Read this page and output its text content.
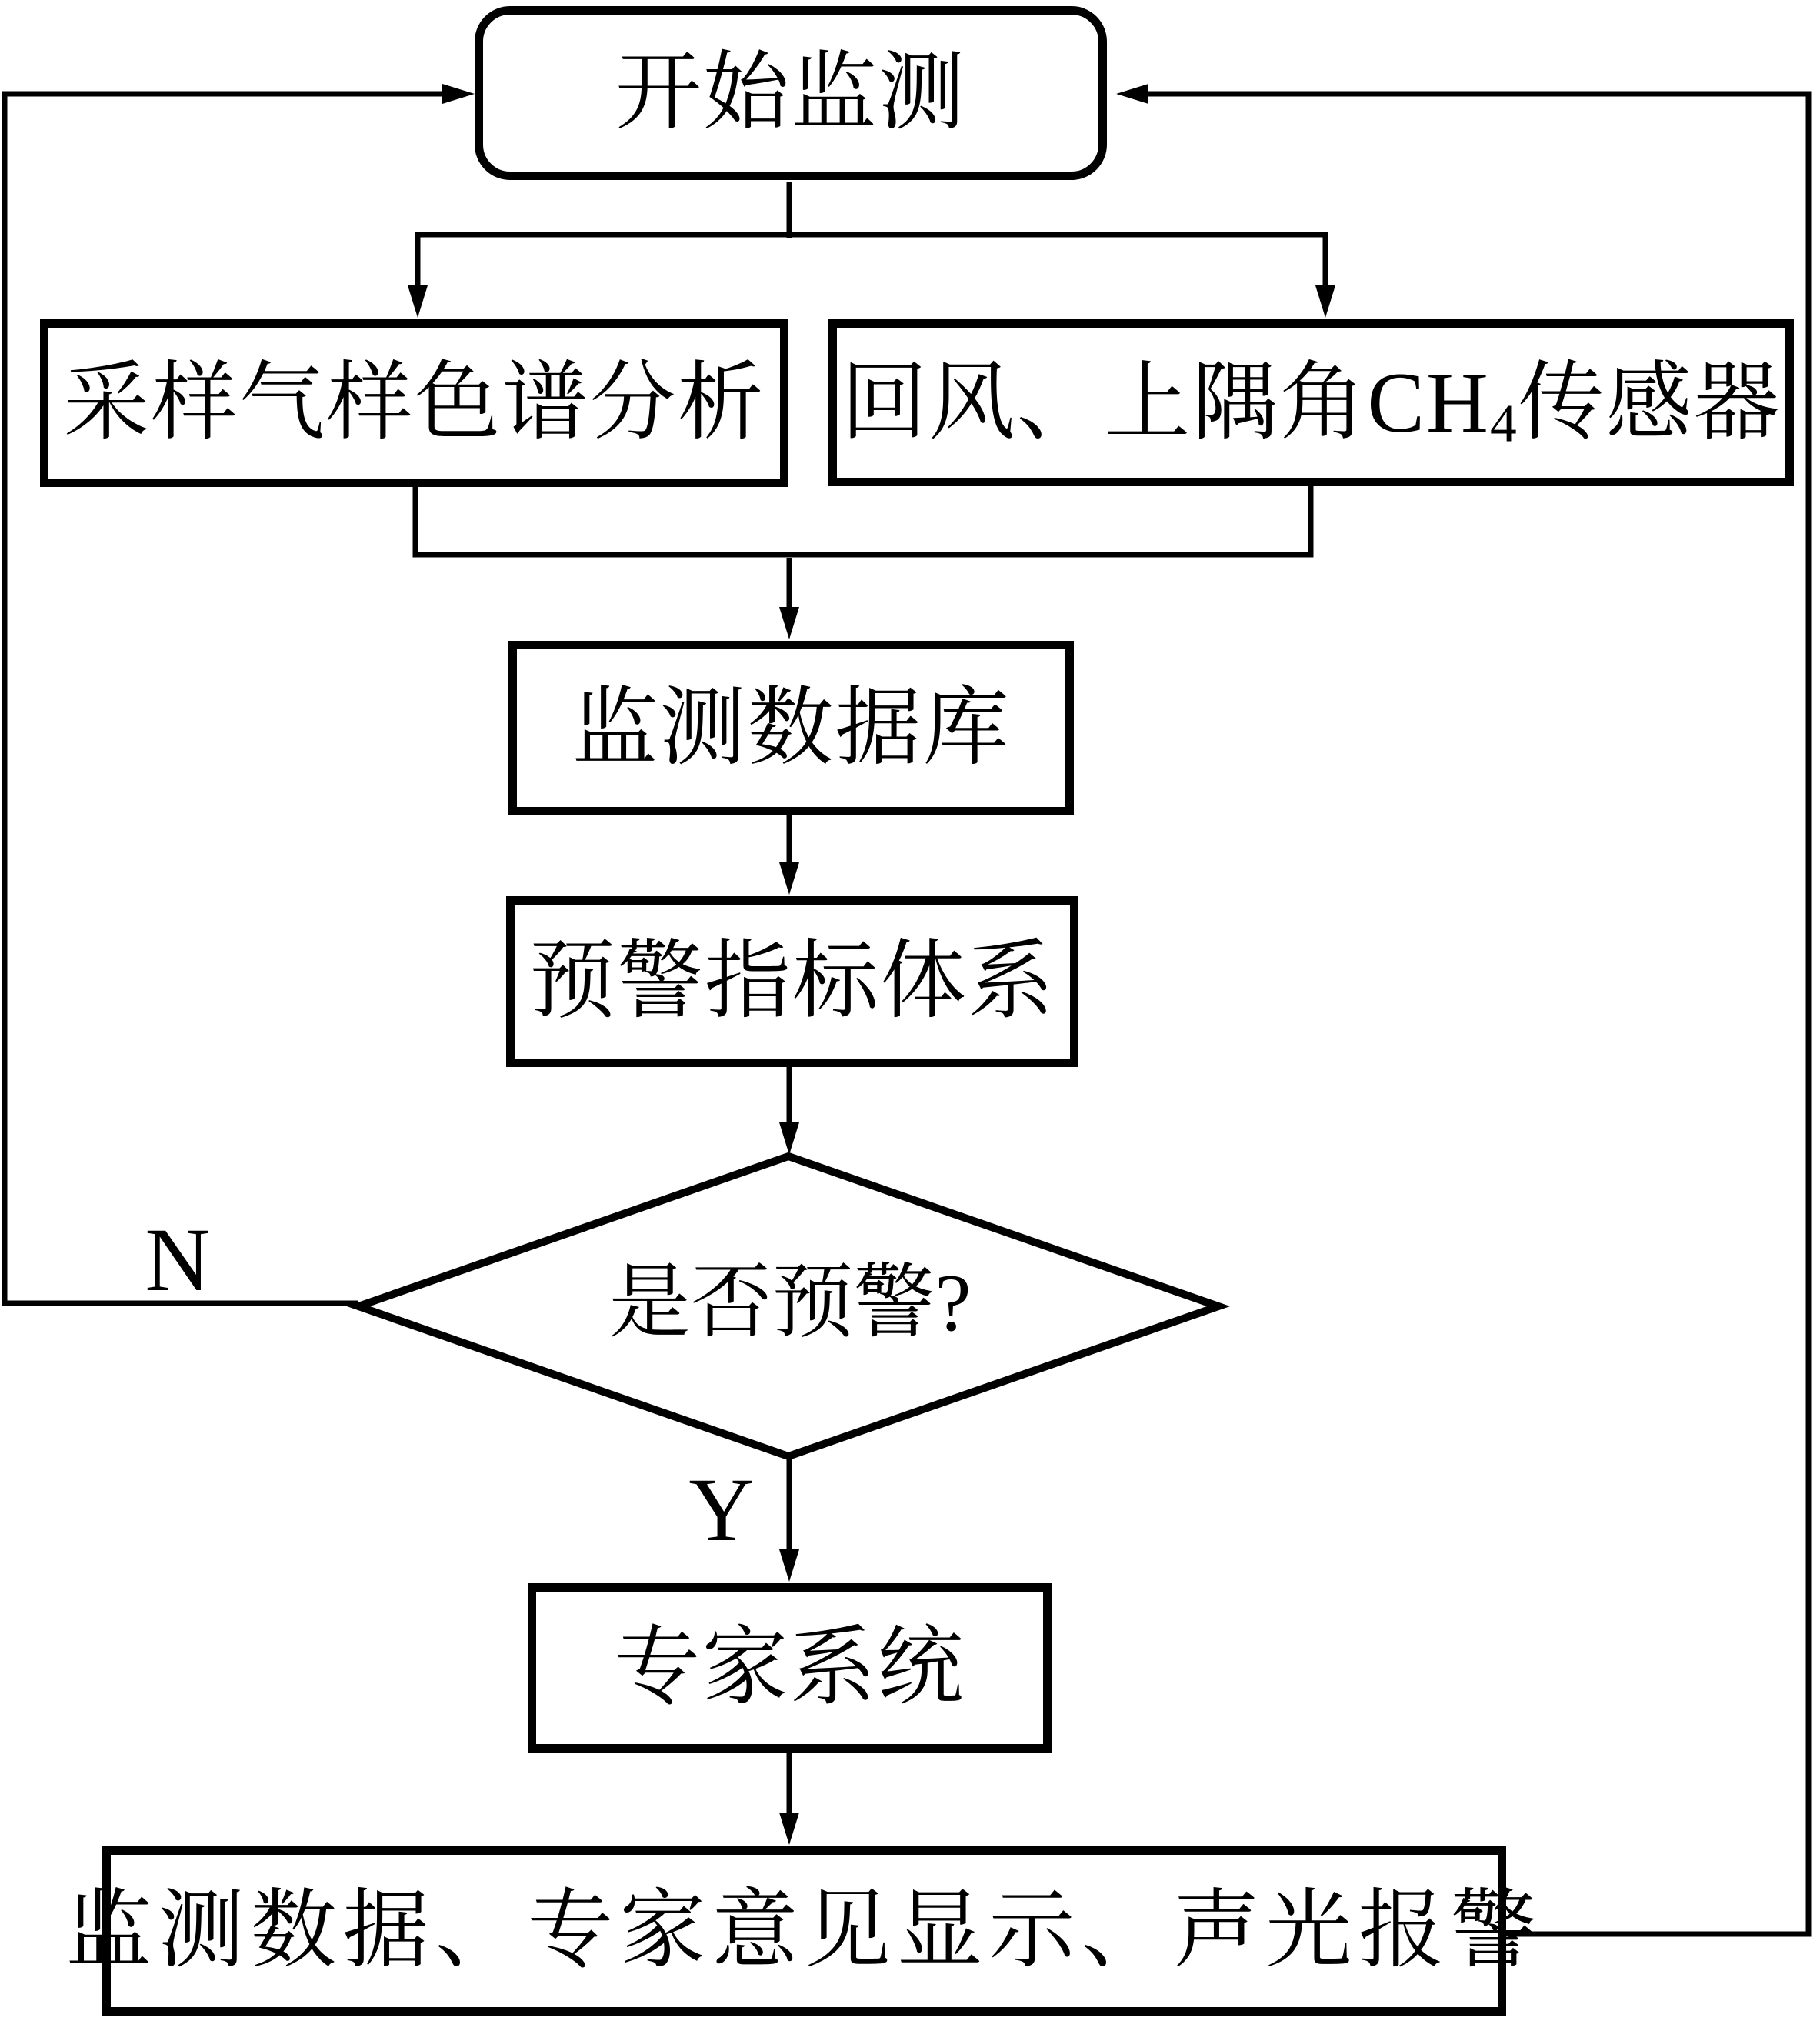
开始监测
采样气样色谱分析 回风、上隅角$CH_4$传感器
监测数据库
预警指标体系
是否预警?
N
Y
专家系统
监测数据、专家意见显示、声光报警
